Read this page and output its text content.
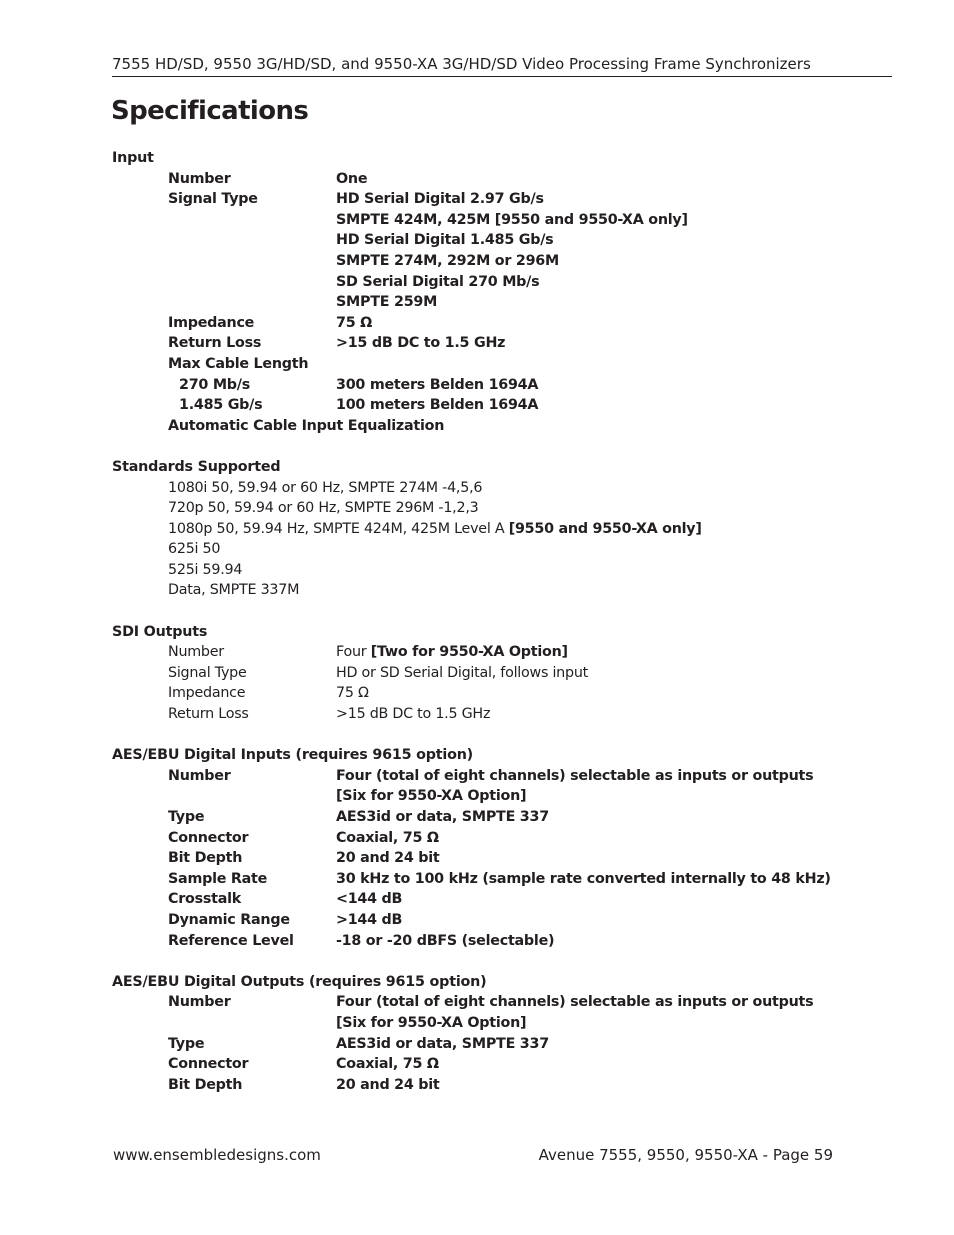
7555 HD/SD, 9550 3G/HD/SD, and 9550-XA 3G/HD/SD Video Processing Frame Synchronizers
Specifications
Input
Number	One
Signal Type	HD Serial Digital 2.97 Gb/s
SMPTE 424M, 425M [9550 and 9550-XA only]
HD Serial Digital 1.485 Gb/s
SMPTE 274M, 292M or 296M
SD Serial Digital 270 Mb/s
SMPTE 259M
Impedance	75 Ω
Return Loss	>15 dB DC to 1.5 GHz
Max Cable Length
270 Mb/s	300 meters Belden 1694A
1.485 Gb/s	100 meters Belden 1694A
Automatic Cable Input Equalization
Standards Supported
1080i 50, 59.94 or 60 Hz, SMPTE 274M -4,5,6
720p 50, 59.94 or 60 Hz, SMPTE 296M -1,2,3
1080p 50, 59.94 Hz, SMPTE 424M, 425M Level A [9550 and 9550-XA only]
625i 50
525i 59.94
Data, SMPTE 337M
SDI Outputs
Number	Four [Two for 9550-XA Option]
Signal Type	HD or SD Serial Digital, follows input
Impedance	75 Ω
Return Loss	>15 dB DC to 1.5 GHz
AES/EBU Digital Inputs (requires 9615 option)
Number	Four (total of eight channels) selectable as inputs or outputs
[Six for 9550-XA Option]
Type	AES3id or data, SMPTE 337
Connector	Coaxial, 75 Ω
Bit Depth	20 and 24 bit
Sample Rate	30 kHz to 100 kHz (sample rate converted internally to 48 kHz)
Crosstalk	<144 dB
Dynamic Range	>144 dB
Reference Level	-18 or -20 dBFS (selectable)
AES/EBU Digital Outputs (requires 9615 option)
Number	Four (total of eight channels) selectable as inputs or outputs
[Six for 9550-XA Option]
Type	AES3id or data, SMPTE 337
Connector	Coaxial, 75 Ω
Bit Depth	20 and 24 bit
www.ensembledesigns.com	Avenue 7555, 9550, 9550-XA - Page 59
